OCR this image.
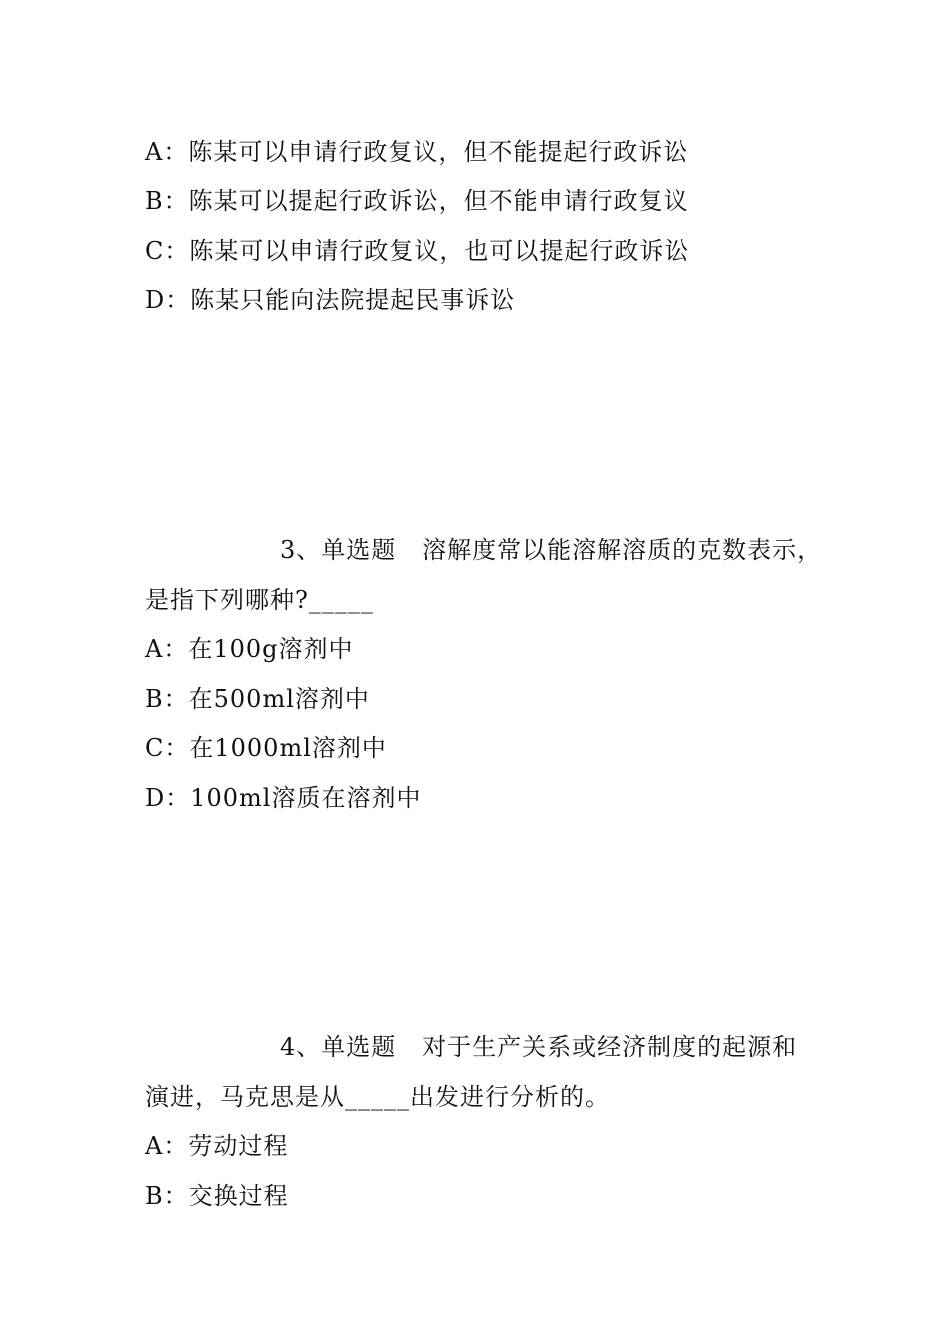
A：陈某可以申请行政复议，但不能提起行政诉讼
B：陈某可以提起行政诉讼，但不能申请行政复议
C：陈某可以申请行政复议，也可以提起行政诉讼
D：陈某只能向法院提起民事诉讼
3、单选题   溶解度常以能溶解溶质的克数表示，
是指下列哪种?_____
A：在100g溶剂中
B：在500ml溶剂中
C：在1000ml溶剂中
D：100ml溶质在溶剂中
4、单选题   对于生产关系或经济制度的起源和
演进，马克思是从_____出发进行分析的。
A：劳动过程
B：交换过程
